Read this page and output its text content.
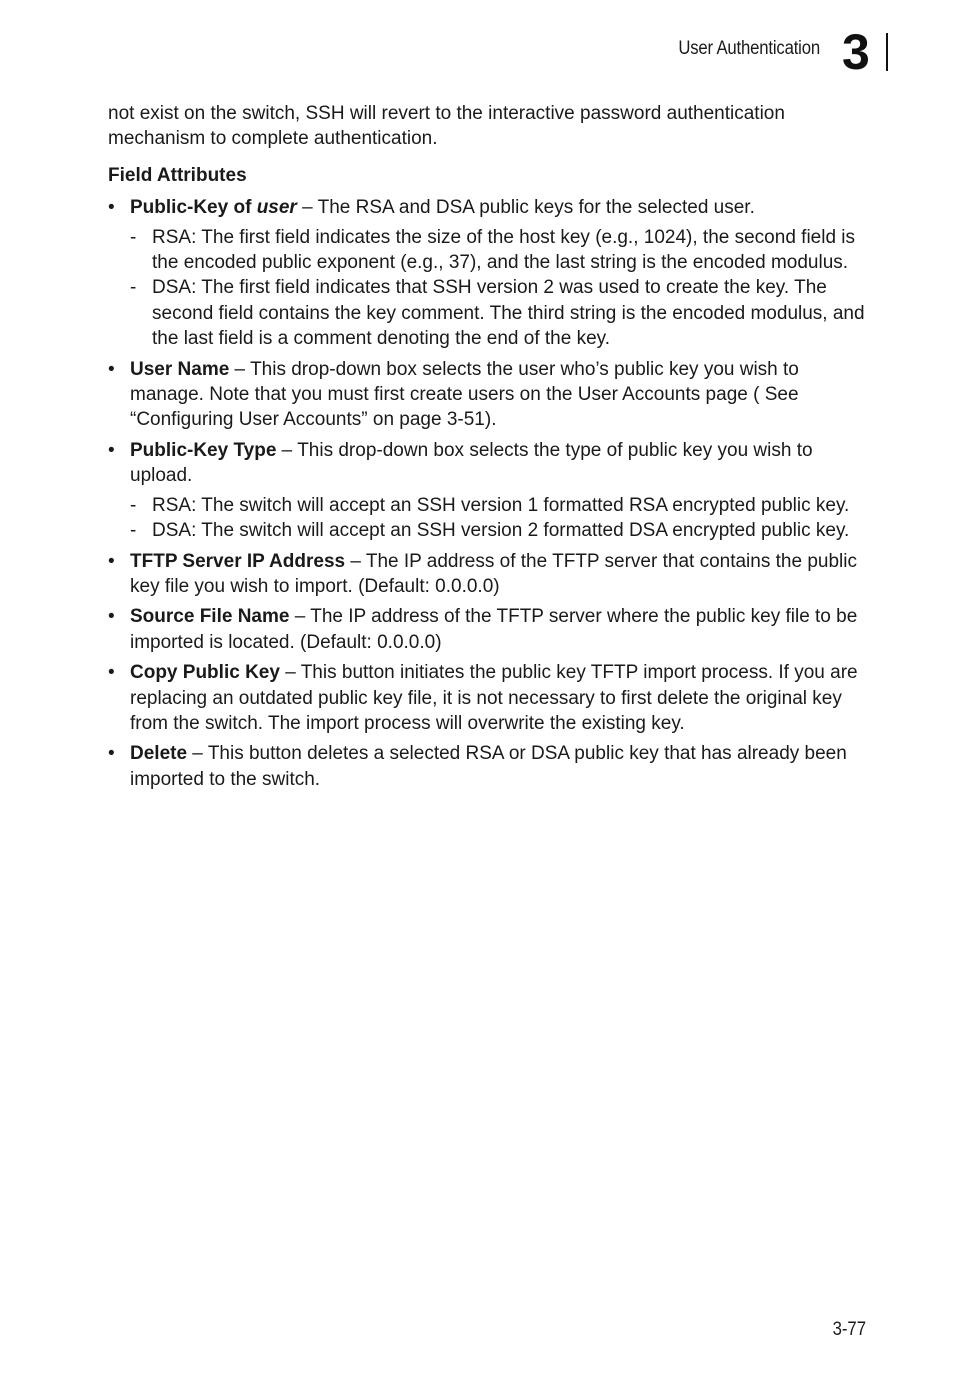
User Authentication 3

not exist on the switch, SSH will revert to the interactive password authentication mechanism to complete authentication.

Field Attributes
• Public-Key of user – The RSA and DSA public keys for the selected user.
- RSA: The first field indicates the size of the host key (e.g., 1024), the second field is the encoded public exponent (e.g., 37), and the last string is the encoded modulus.
- DSA: The first field indicates that SSH version 2 was used to create the key. The second field contains the key comment. The third string is the encoded modulus, and the last field is a comment denoting the end of the key.
• User Name – This drop-down box selects the user who’s public key you wish to manage. Note that you must first create users on the User Accounts page ( See “Configuring User Accounts” on page 3-51).
• Public-Key Type – This drop-down box selects the type of public key you wish to upload.
- RSA: The switch will accept an SSH version 1 formatted RSA encrypted public key.
- DSA: The switch will accept an SSH version 2 formatted DSA encrypted public key.
• TFTP Server IP Address – The IP address of the TFTP server that contains the public key file you wish to import. (Default: 0.0.0.0)
• Source File Name – The IP address of the TFTP server where the public key file to be imported is located. (Default: 0.0.0.0)
• Copy Public Key – This button initiates the public key TFTP import process. If you are replacing an outdated public key file, it is not necessary to first delete the original key from the switch. The import process will overwrite the existing key.
• Delete – This button deletes a selected RSA or DSA public key that has already been imported to the switch.
3-77
